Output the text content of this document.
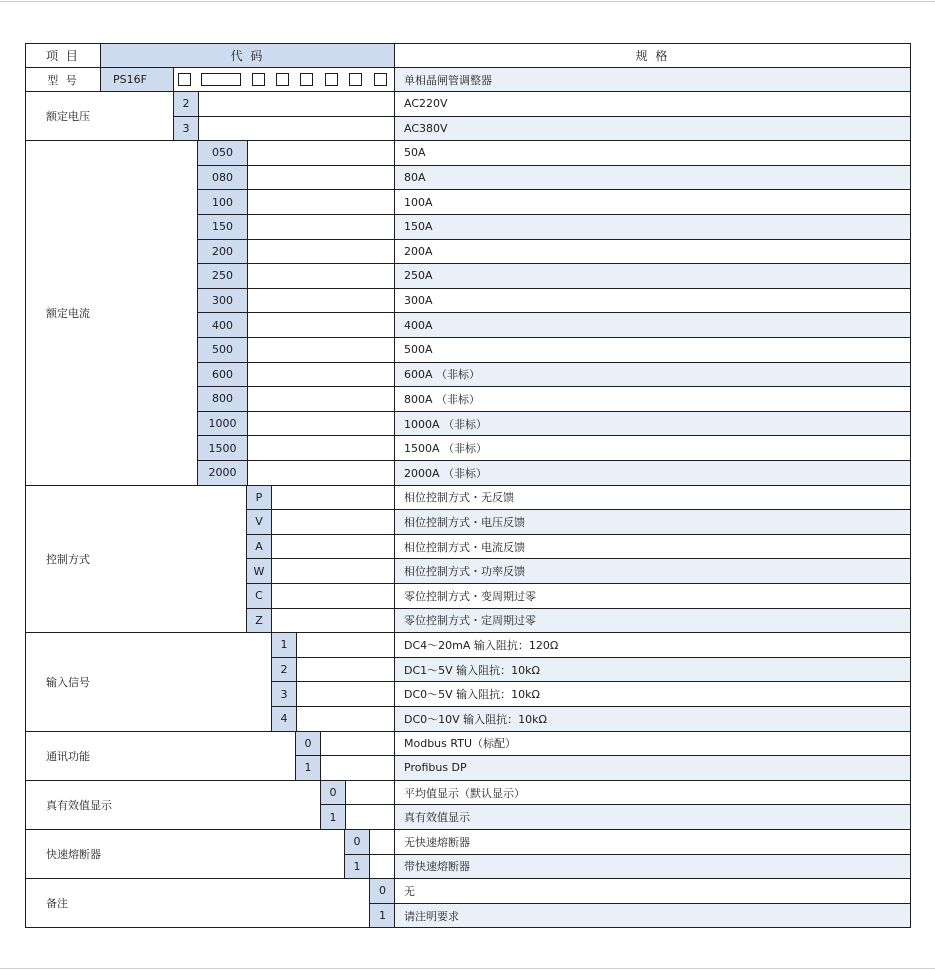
项 目	代 码	规 格
型 号	PS16F	单相晶闸管调整器
额定电压
2	AC220V
3	AC380V
额定电流
050	50A
080	80A
100	100A
150	150A
200	200A
250	250A
300	300A
400	400A
500	500A
600	600A （非标）
800	800A （非标）
1000	1000A （非标）
1500	1500A （非标）
2000	2000A （非标）
控制方式
P	相位控制方式・无反馈
V	相位控制方式・电压反馈
A	相位控制方式・电流反馈
W	相位控制方式・功率反馈
C	零位控制方式・变周期过零
Z	零位控制方式・定周期过零
输入信号
1	DC4～20mA 输入阻抗：120Ω
2	DC1～5V 输入阻抗：10kΩ
3	DC0～5V 输入阻抗：10kΩ
4	DC0～10V 输入阻抗：10kΩ
通讯功能
0	Modbus RTU（标配）
1	Profibus DP
真有效值显示
0	平均值显示（默认显示）
1	真有效值显示
快速熔断器
0	无快速熔断器
1	带快速熔断器
备注
0	无
1	请注明要求
